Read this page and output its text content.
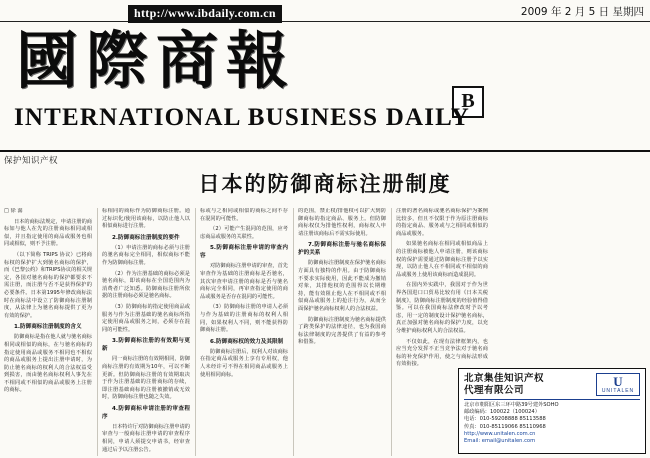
http://www.ibdaily.com.cn	2009 年 2 月 5 日 星期四
國際商報
B
INTERNATIONAL BUSINESS DAILY
保护知识产权
日本的防御商标注册制度

□ 徐 潺

日本的商标法规定，申请注册的商标如与他人在先的注册商标相同或相似，并且指定使用的商品或服务也相同或相似，则不予注册。

（以下简称 TRIPS 协议）已将商标权的保护扩大到驰名商标的保护，而《巴黎公约》和TRIPS协议的相关规定，各国对驰名商标的保护都要求不需注册，而注册与否不是获得保护的必要条件。日本第1995年修改商标法时在商标法中设立了防御商标注册制度，从法律上为驰名商标提供了更为有效的保护。

1.防御商标注册制度的含义

防御商标是指在他人就与驰名商标相同或相似的商标，在与驰名商标的指定使用商品或服务不相同也不相似的商品或服务上提出注册申请时，为防止驰名商标的权利人的合法权益受到损害，而由驰名商标权利人事先在不相同或不相似的商品或服务上注册的商标。

标相同的商标作为防御商标注册。通过标识化/使用该商标，以防止他人以相似商标进行注册。

2.防御商标注册制度的要件

（1）申请注册的商标必须与注册的驰名商标完全相同，相似商标不能作为防御商标注册。

（2）作为注册基础的商标必须是驰名商标，即该商标在全国范围内为消费者广泛知悉。防御商标注册所依据的注册商标必须是驰名商标。

（3）防御商标的指定使用商品或服务与作为注册基础的驰名商标所指定使用商品或服务之间，必须存在混同的可能性。

3.防御商标注册的有效期与更新

同一商标注册的有效期相同，防御商标注册的有效期为10年，可以不断更新。但防御商标注册的有效期取决于作为注册基础的注册商标的存续，即注册基础商标的注册被撤销或无效时，防御商标注册也随之失效。

4.防御商标申请注册的审查程序

日本特许厅对防御商标注册申请的审查与一般商标注册申请的审查程序相同，申请人须提交申请书，经审查通过后予以注册公告。

标或与之相同或相似的商标之间不存在混同的可能性。

（2）可能产生混同的范围，应考虑商品或服务的关联性。

5.防御商标注册申请的审查内容

对防御商标注册申请的审查，首先审查作为基础的注册商标是否驰名，其次审查申请注册的商标是否与驰名商标完全相同，再审查指定使用的商品或服务是否存在混同的可能性。

（3）防御商标注册的申请人必须与作为基础的注册商标的权利人相同，如果权利人不同，则不能获得防御商标注册。

6.防御商标权的效力及其限制

防御商标注册后，权利人对该商标在指定商品或服务上享有专用权，他人未经许可不得在相同商品或服务上使用相同商标。

的范围，禁止权/排他权可以扩大到防御商标的指定商品、服务上。但防御商标权仅为排他性权利，商标权人申请注册该商标后不需实际使用。

7.防御商标注册与驰名商标保护的关系

防御商标注册制度在保护驰名商标方面具有独特的作用。由于防御商标不要求实际使用，因此不能成为撤销对象，其排他权的范围得以长期维持，能有效阻止他人在不相同或不相似商品或服务上的抢注行为，从而全面保护驰名商标权利人的合法权益。

防御商标注册制度为驰名商标提供了跨类保护的法律途径，也为我国商标法律制度的完善提供了有益的参考和借鉴。

注册的著名商标或驰名商标保护为案例比较多，但且不仅限于作为原注册商标的指定商品、服务或与之相同或相似的商品或服务。

如果驰名商标在相同或相似商品上的注册商标被他人申请注册，则该商标权的保护需要通过防御商标注册予以实现，以防止他人在不相同或不相似的商品或服务上使用该商标而造成混同。

在国内外实践中，我国对于作为世界各国进口口贸易比较有用《日本关税制度》，防御商标注册制度的经验值得借鉴。可以在我国商标法修改时予以考虑，用一定的制度设计保护驰名商标，真正加强对驰名商标的保护力度，以充分维护商标权利人的合法权益。

不仅如此，在现有法律框架内，也应当充分发挥不正当竞争法对于驰名商标的补充保护作用，使之与商标法形成有效衔接。

北京集佳知识产权
代理有限公司
U
UNITALEN
北京市朝阳区东三环中路39号建外SOHO
邮政编码：100022（100024）
电话：010-59208888 85113588
传真：010-85119066 85110968
http://www.unitalen.com.cn
Email: email@unitalen.com
